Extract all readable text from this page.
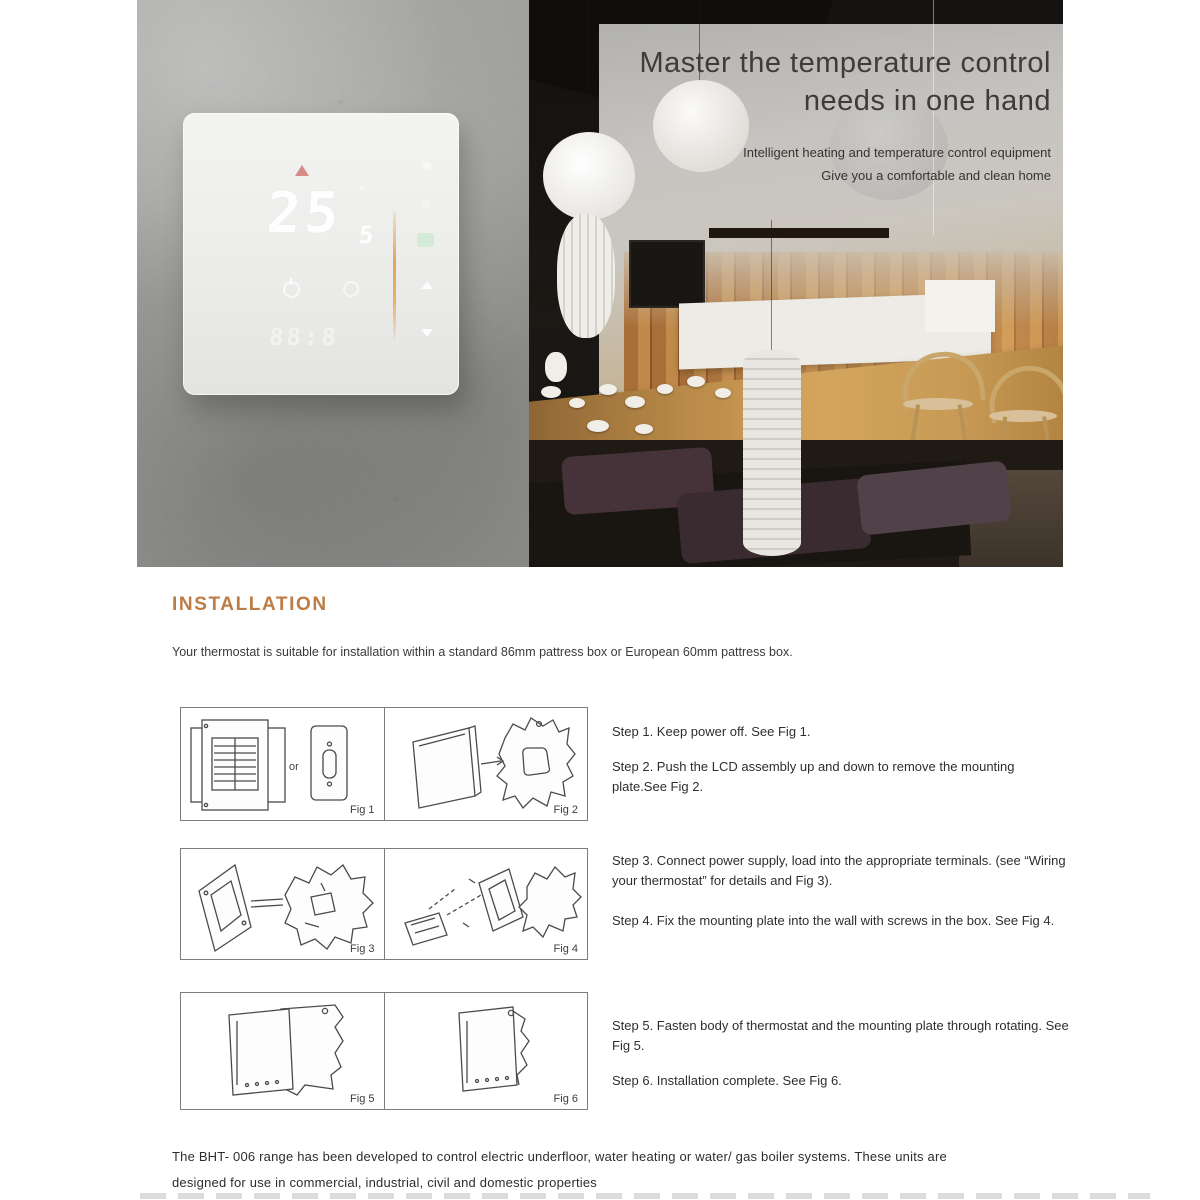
25 °
5
88:8
❄
✻
Master the temperature control
needs in one hand
Intelligent heating and temperature control equipment
Give you a comfortable and clean home
INSTALLATION
Your thermostat is suitable for installation within a standard 86mm pattress box or European 60mm pattress box.
or
Fig 1	Fig 2
Fig 3	Fig 4
Fig 5	Fig 6
Step 1. Keep power off. See Fig 1.
Step 2. Push the LCD assembly up and down to remove the mounting plate.See Fig 2.
Step 3. Connect power supply, load into the appropriate terminals. (see “Wiring your thermostat” for details and Fig 3).
Step 4. Fix the mounting plate into the wall with screws in the box. See Fig 4.
Step 5. Fasten body of thermostat and the mounting plate through rotating. See Fig 5.
Step 6. Installation complete. See Fig 6.
The BHT- 006 range has been developed to control electric underfloor, water heating or water/ gas boiler systems. These units are designed for use in commercial, industrial, civil and domestic properties
